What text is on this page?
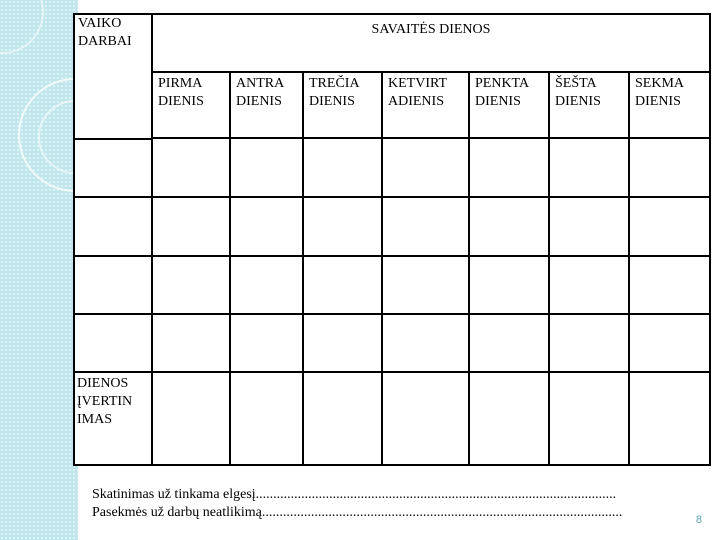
VAIKO
DARBAI
SAVAITĖS DIENOS
PIRMA
DIENIS
ANTRA
DIENIS
TREČIA
DIENIS
KETVIRT
ADIENIS
PENKTA
DIENIS
ŠEŠTA
DIENIS
SEKMA
DIENIS
DIENOS
ĮVERTIN
IMAS
Skatinimas už tinkama elgesį.......................................................................................................
Pasekmės už darbų neatlikimą.......................................................................................................	8
